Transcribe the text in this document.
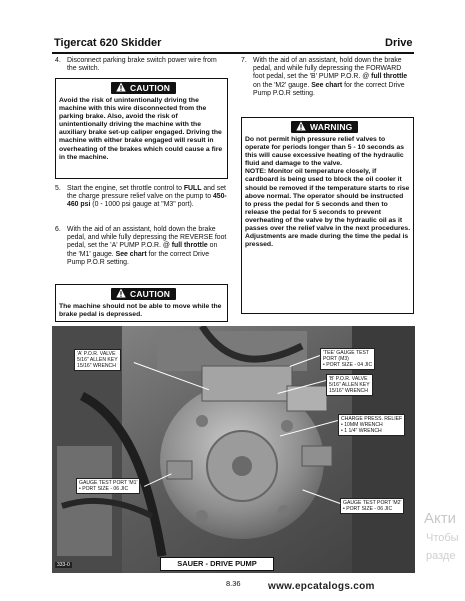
Tigercat 620 Skidder	Drive
4. Disconnect parking brake switch power wire from the switch.
CAUTION
Avoid the risk of unintentionally driving the machine with this wire disconnected from the parking brake. Also, avoid the risk of unintentionally driving the machine with the auxiliary brake set-up caliper engaged. Driving the machine with either brake engaged will result in overheating of the brakes which could cause a fire in the machine.
5. Start the engine, set throttle control to FULL and set the charge pressure relief valve on the pump to 450-460 psi (0 - 1000 psi gauge at "M3" port).
6. With the aid of an assistant, hold down the brake pedal, and while fully depressing the REVERSE foot pedal, set the 'A' PUMP P.O.R. @ full throttle on the 'M1' gauge. See chart for the correct Drive Pump P.O.R setting.
CAUTION
The machine should not be able to move while the brake pedal is depressed.
7. With the aid of an assistant, hold down the brake pedal, and while fully depressing the FORWARD foot pedal, set the 'B' PUMP P.O.R. @ full throttle on the 'M2' gauge. See chart for the correct Drive Pump P.O.R setting.
WARNING
Do not permit high pressure relief valves to operate for periods longer than 5 - 10 seconds as this will cause excessive heating of the hydraulic fluid and damage to the valve.
NOTE: Monitor oil temperature closely, if cardboard is being used to block the oil cooler it should be removed if the temperature starts to rise above normal. The operator should be instructed to press the pedal for 5 seconds and then to release the pedal for 5 seconds to prevent overheating of the valve by the hydraulic oil as it passes over the relief valve in the next procedures. Adjustments are made during the time the pedal is pressed.
'A' P.O.R. VALVE
5/16" ALLEN KEY
15/16" WRENCH
'TEE' GAUGE TEST
PORT (M3)
• PORT SIZE - 04 JIC
'B' P.O.R. VALVE
5/16" ALLEN KEY
15/16" WRENCH
CHARGE PRESS. RELIEF
• 10MM WRENCH
• 1 1/4" WRENCH
GAUGE TEST PORT 'M1'
• PORT SIZE - 06 JIC
GAUGE TEST PORT 'M2'
• PORT SIZE - 06 JIC
333-0	SAUER - DRIVE PUMP
8.36	www.epcatalogs.com
Акти
Чтобы
разде
